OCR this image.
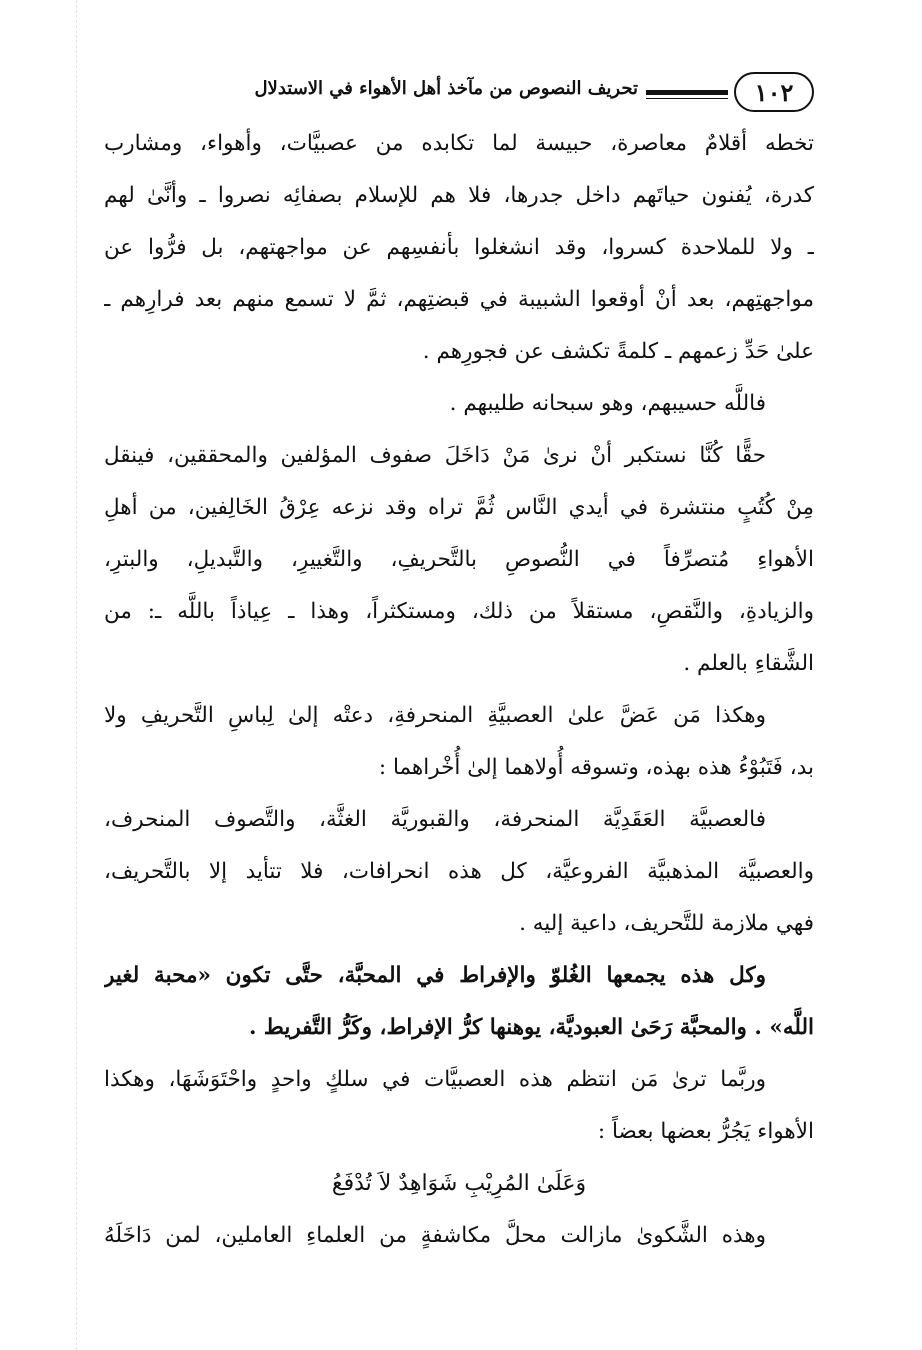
١٠٢
تحريف النصوص من مآخذ أهل الأهواء في الاستدلال
تخطه أقلامٌ معاصرة، حبيسة لما تكابده من عصبيَّات، وأهواء، ومشارب
كدرة، يُفنون حياتَهم داخل جدرها، فلا هم للإسلام بصفائِه نصروا ـ وأنَّىٰ لهم
ـ ولا للملاحدة كسروا، وقد انشغلوا بأنفسِهم عن مواجهتهم، بل فرُّوا عن
مواجهتِهم، بعد أنْ أوقعوا الشبيبة في قبضتِهم، ثمَّ لا تسمع منهم بعد فرارِهم ـ
علىٰ حَدِّ زعمهم ـ كلمةً تكشف عن فجورِهم .
فاللَّه حسيبهم، وهو سبحانه طليبهم .
حقًّا كُنَّا نستكبر أنْ نرىٰ مَنْ دَاخَلَ صفوف المؤلفين والمحققين، فينقل
مِنْ كُتُبٍ منتشرة في أيدي النَّاس ثُمَّ تراه وقد نزعه عِرْقُ الخَالِفين، من أهلِ
الأهواءِ مُتصرِّفاً في النُّصوصِ بالتَّحريفِ، والتَّغييرِ، والتَّبديلِ، والبترِ،
والزيادةِ، والنَّقصِ، مستقلاً من ذلك، ومستكثراً، وهذا ـ عِياذاً باللَّه ـ: من
الشَّقاءِ بالعلم .
وهكذا مَن عَضَّ علىٰ العصبيَّةِ المنحرفةِ، دعتْه إلىٰ لِباسِ التَّحريفِ ولا
بد، فَتَبُوْءُ هذه بهذه، وتسوقه أُولاهما إلىٰ أُخْراهما :
فالعصبيَّة العَقَدِيَّة المنحرفة، والقبوريَّة الغثَّة، والتَّصوف المنحرف،
والعصبيَّة المذهبيَّة الفروعيَّة، كل هذه انحرافات، فلا تتأيد إلا بالتَّحريف،
فهي ملازمة للتَّحريف، داعية إليه .
وكل هذه يجمعها الغُلوّ والإفراط في المحبَّة، حتَّى تكون «محبة لغير
اللَّه» . والمحبَّة رَحَىٰ العبوديَّة، يوهنها كرُّ الإفراط، وكَرُّ التَّفريط .
وربَّما ترىٰ مَن انتظم هذه العصبيَّات في سلكٍ واحدٍ واحْتَوَشَهَا، وهكذا
الأهواء يَجُرُّ بعضها بعضاً :
وَعَلَىٰ المُرِيْبِ شَوَاهِدٌ لاَ تُدْفَعُ
وهذه الشَّكوىٰ مازالت محلَّ مكاشفةٍ من العلماءِ العاملين، لمن دَاخَلَهُ
